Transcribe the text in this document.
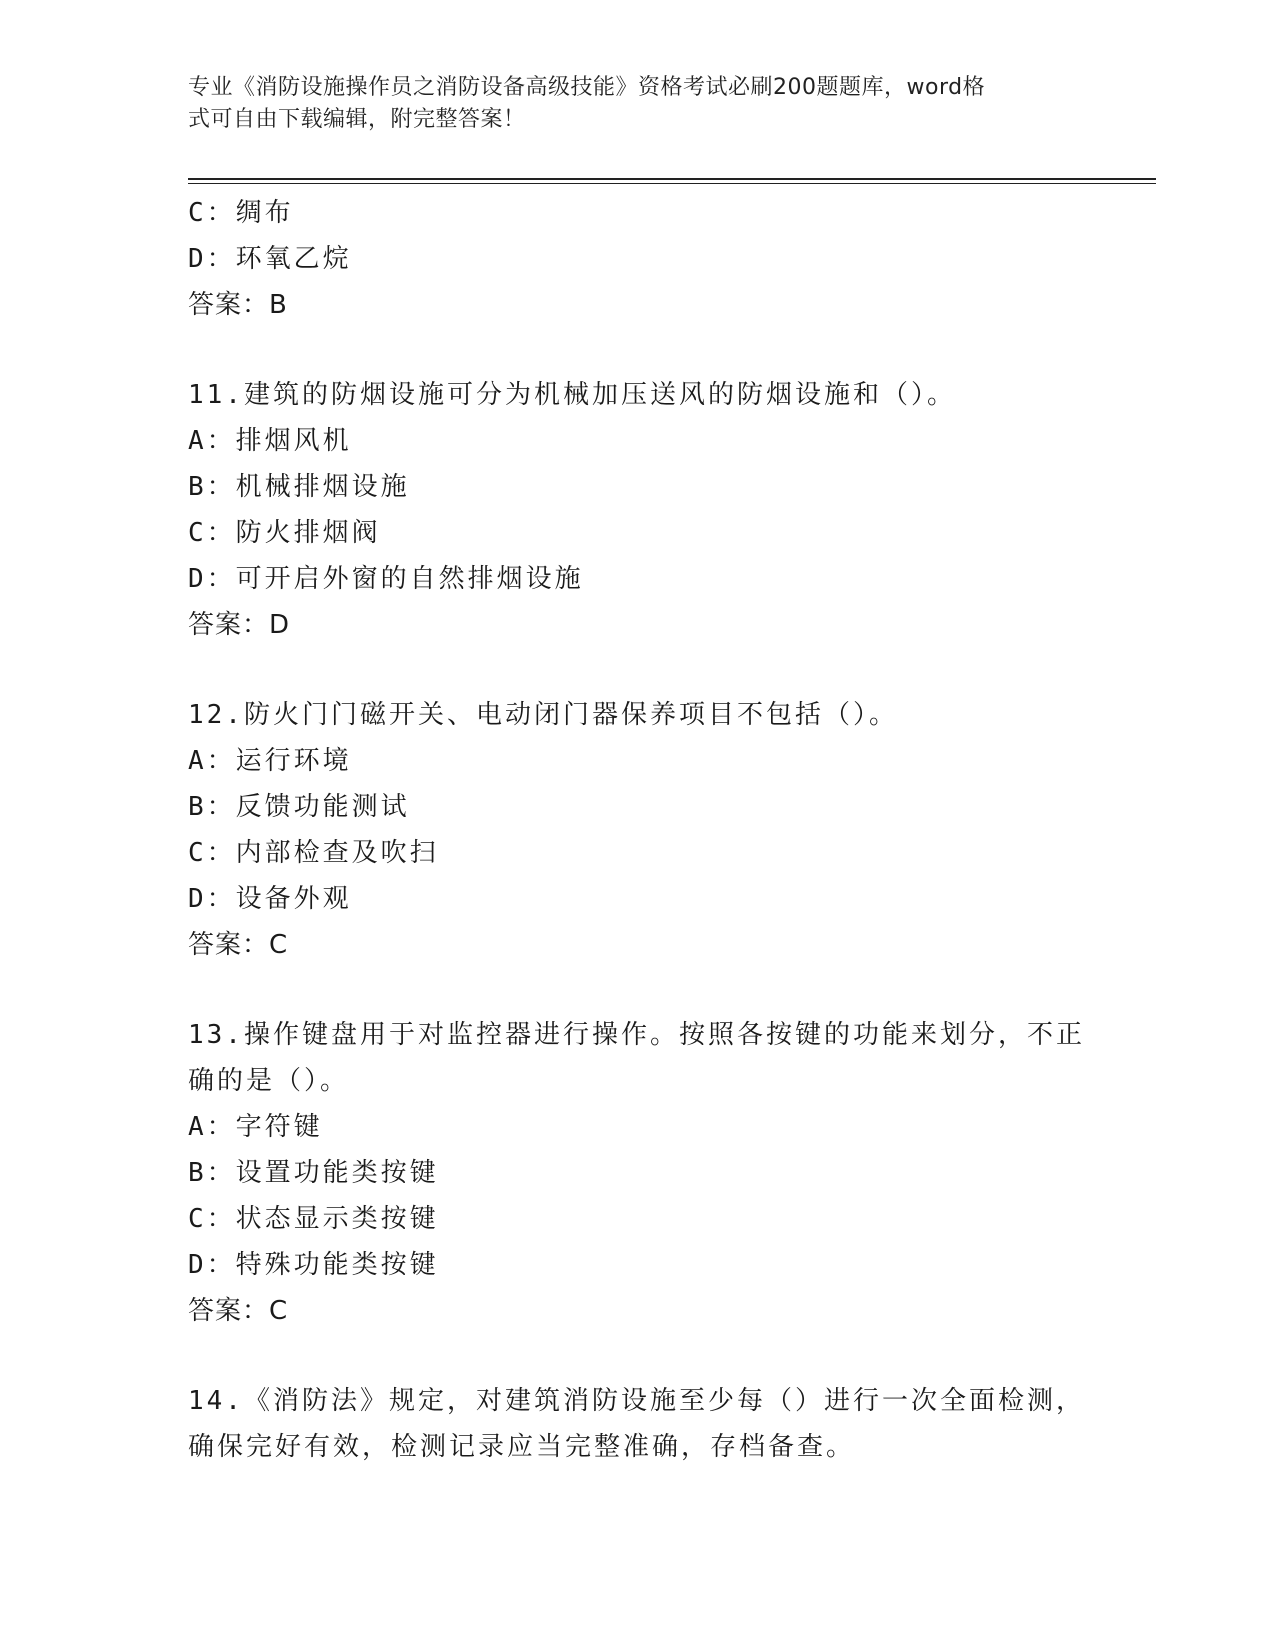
专业《消防设施操作员之消防设备高级技能》资格考试必刷200题题库，word格
式可自由下载编辑，附完整答案！
C：绸布
D：环氧乙烷
答案：B
11.建筑的防烟设施可分为机械加压送风的防烟设施和（）。
A：排烟风机
B：机械排烟设施
C：防火排烟阀
D：可开启外窗的自然排烟设施
答案：D
12.防火门门磁开关、电动闭门器保养项目不包括（）。
A：运行环境
B：反馈功能测试
C：内部检查及吹扫
D：设备外观
答案：C
13.操作键盘用于对监控器进行操作。按照各按键的功能来划分，不正
确的是（）。
A：字符键
B：设置功能类按键
C：状态显示类按键
D：特殊功能类按键
答案：C
14.《消防法》规定，对建筑消防设施至少每（）进行一次全面检测，
确保完好有效，检测记录应当完整准确，存档备查。
